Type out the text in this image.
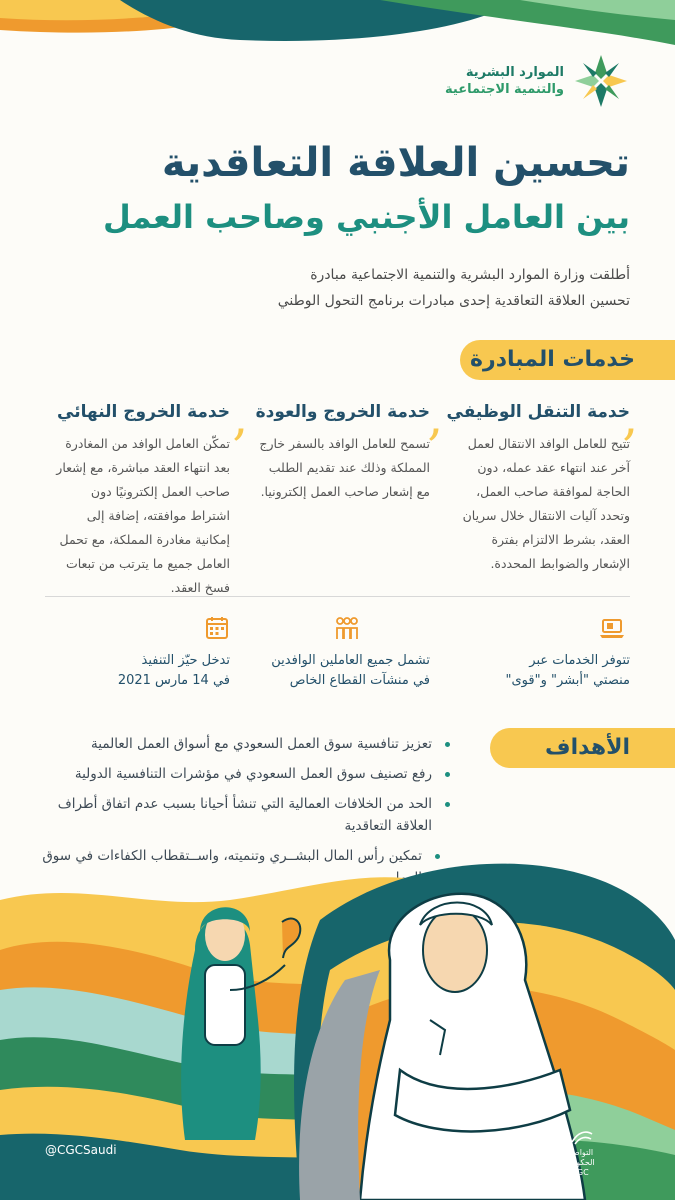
الموارد البشرية
والتنمية الاجتماعية
تحسين العلاقة التعاقدية
بين العامل الأجنبي وصاحب العمل
أطلقت وزارة الموارد البشرية والتنمية الاجتماعية مبادرة
تحسين العلاقة التعاقدية إحدى مبادرات برنامج التحول الوطني
خدمات المبادرة
‚
خدمة التنقل الوظيفي
تتيح للعامل الوافد الانتقال لعمل آخر عند انتهاء عقد عمله، دون الحاجة لموافقة صاحب العمل، وتحدد آليات الانتقال خلال سريان العقد، بشرط الالتزام بفترة الإشعار والضوابط المحددة.
‚
خدمة الخروج والعودة
تسمح للعامل الوافد بالسفر خارج المملكة وذلك عند تقديم الطلب مع إشعار صاحب العمل إلكترونيا.
‚
خدمة الخروج النهائي
تمكّن العامل الوافد من المغادرة بعد انتهاء العقد مباشرة، مع إشعار صاحب العمل إلكترونيًا دون اشتراط موافقته، إضافة إلى إمكانية مغادرة المملكة، مع تحمل العامل جميع ما يترتب من تبعات فسخ العقد.
تتوفر الخدمات عبر
منصتي "أبشر" و"قوى"
تشمل جميع العاملين الوافدين
في منشآت القطاع الخاص
تدخل حيّز التنفيذ
في 14 مارس 2021
الأهداف
تعزيز تنافسية سوق العمل السعودي مع أسواق العمل العالمية
رفع تصنيف سوق العمل السعودي في مؤشرات التنافسية الدولية
الحد من الخلافات العمالية التي تنشأ أحيانا بسبب عدم اتفاق أطراف العلاقة التعاقدية
تمكين رأس المال البشــري وتنميته، واســتقطاب الكفاءات في سوق
@CGCSaudi	التواصل
الحكومي
CGC
